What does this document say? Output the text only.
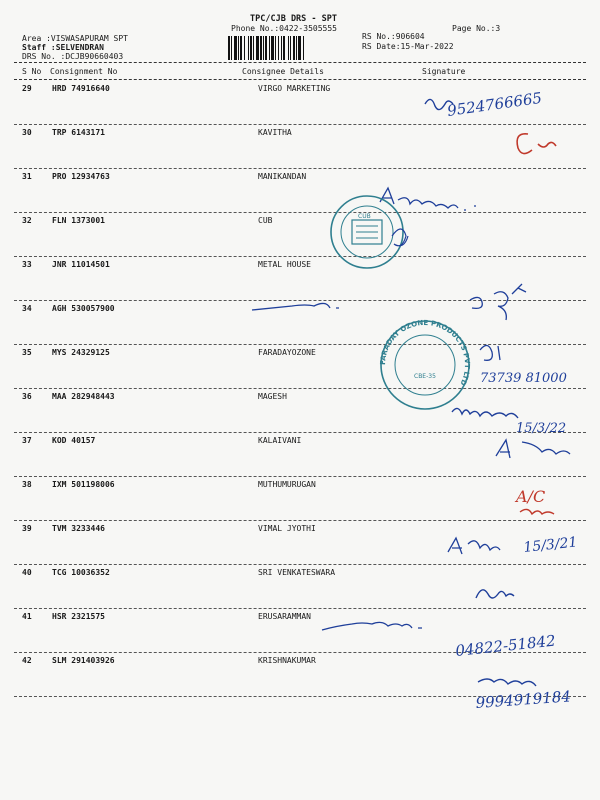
TPC/CJB DRS - SPT
Phone No.:0422-3505555	Page No.:3
Area :VISWASAPURAM SPT
Staff :SELVENDRAN
DRS No. :DCJB90660403
RS No.:906604
RS Date:15-Mar-2022
S No Consignment No	Consignee Details	Signature
29	HRD 74916640	VIRGO MARKETING
30	TRP 6143171	KAVITHA
31	PRO 12934763	MANIKANDAN
32	FLN 1373001	CUB
33	JNR 11014501	METAL HOUSE
34	AGH 530057900
35	MYS 24329125	FARADAYOZONE
36	MAA 282948443	MAGESH
37	KOD 40157	KALAIVANI
38	IXM 501198006	MUTHUMURUGAN
39	TVM 3233446	VIMAL JYOTHI
40	TCG 10036352	SRI VENKATESWARA
41	HSR 2321575	ERUSARAMMAN
42	SLM 291403926	KRISHNAKUMAR
9524766665
CUB
FARADAY OZONE PRODUCTS PVT LTD
CBE-35	73739 81000
15/3/22
A/C
15/3/21
04822-51842
9994919184
